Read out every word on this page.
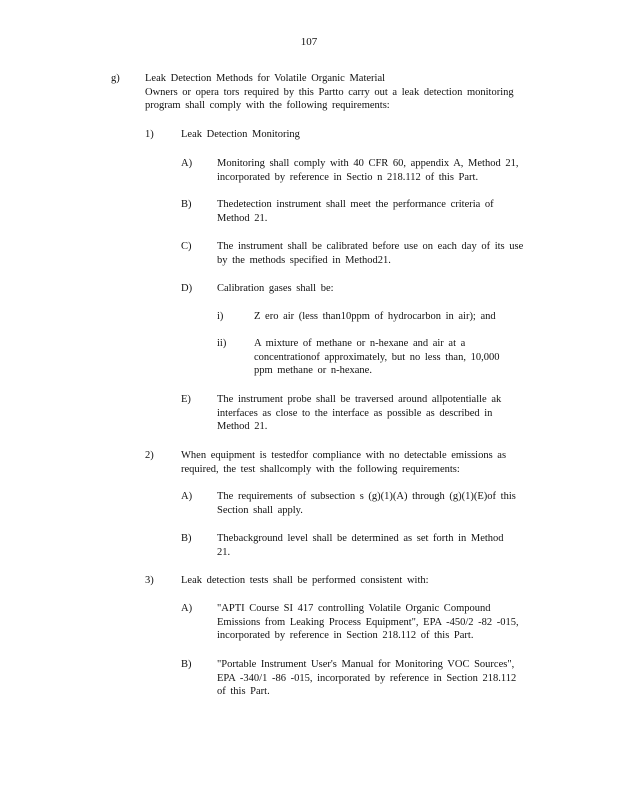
107
g) Leak Detection Methods for Volatile Organic Material
Owners or opera tors required by this Partto carry out a leak detection monitoring
program shall comply with the following requirements:
1)	Leak Detection Monitoring
A) Monitoring shall comply with 40 CFR 60, appendix A, Method 21,
incorporated by reference in Sectio n 218.112 of this Part.
B) Thedetection instrument shall meet the performance criteria of
Method 21.
C) The instrument shall be calibrated before use on each day of its use
by the methods specified in Method21.
D) Calibration gases shall be:
i)	Z ero air (less than10ppm of hydrocarbon in air); and
ii)	A mixture of methane or n-hexane and air at a
concentrationof approximately, but no less than, 10,000
ppm methane or n-hexane.
E) The instrument probe shall be traversed around allpotentialle ak
interfaces as close to the interface as possible as described in
Method 21.
2)	When equipment is testedfor compliance with no detectable emissions as
required, the test shallcomply with the following requirements:
A) The requirements of subsection s (g)(1)(A) through (g)(1)(E)of this
Section shall apply.
B) Thebackground level shall be determined as set forth in Method
21.
3)	Leak detection tests shall be performed consistent with:
A) "APTI Course SI 417 controlling Volatile Organic Compound
Emissions from Leaking Process Equipment", EPA -450/2 -82 -015,
incorporated by reference in Section 218.112 of this Part.
B) "Portable Instrument User's Manual for Monitoring VOC Sources",
EPA -340/1 -86 -015, incorporated by reference in Section 218.112
of this Part.
